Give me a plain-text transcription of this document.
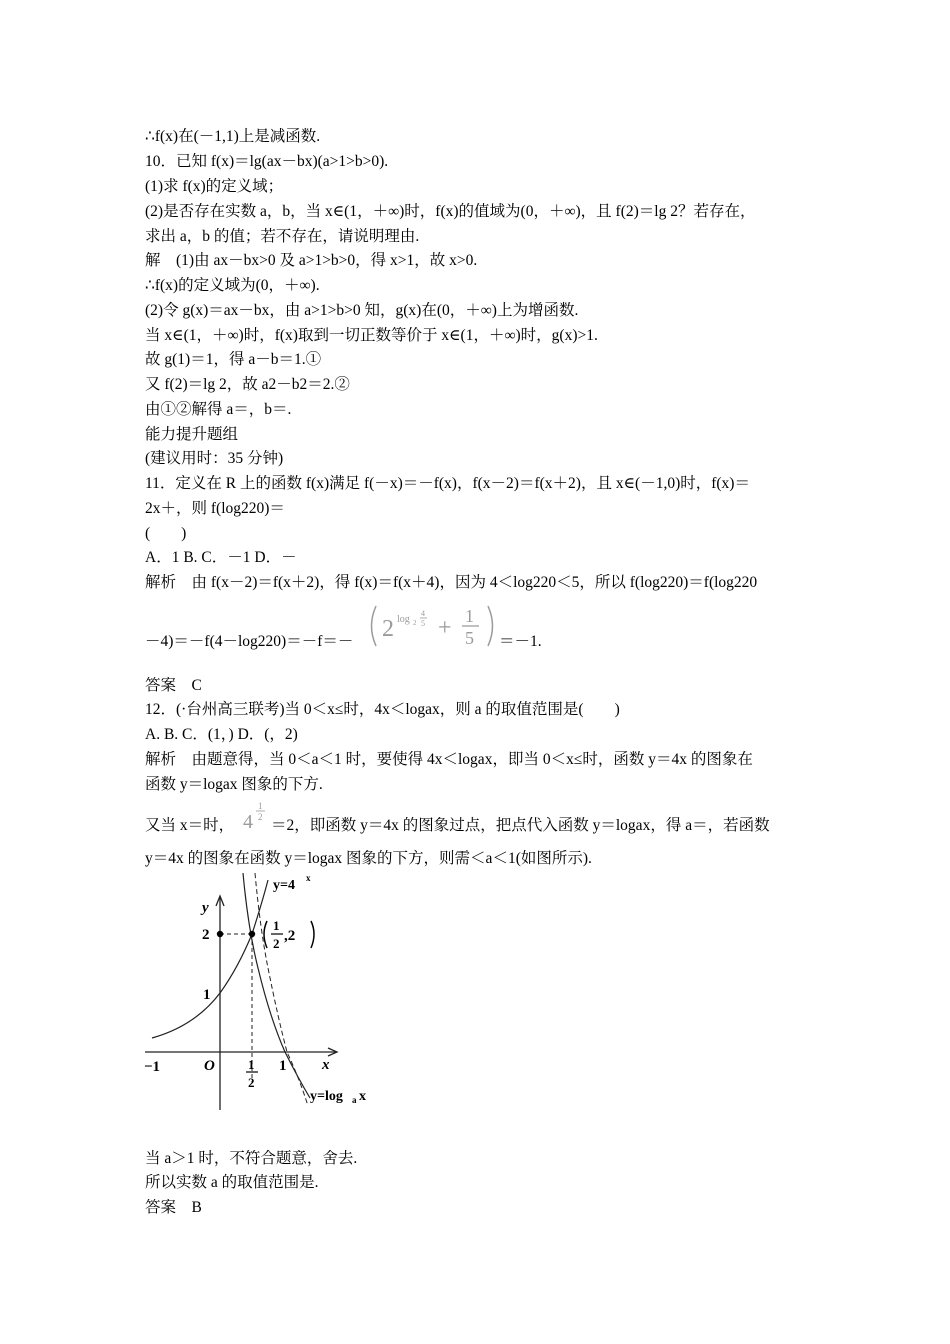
∴f(x)在(－1,1)上是减函数.
10．已知 f(x)＝lg(ax－bx)(a>1>b>0).
(1)求 f(x)的定义域；
(2)是否存在实数 a，b，当 x∈(1，＋∞)时，f(x)的值域为(0，＋∞)，且 f(2)＝lg 2？若存在，
求出 a，b 的值；若不存在，请说明理由.
解　(1)由 ax－bx>0 及 a>1>b>0，得 x>1，故 x>0.
∴f(x)的定义域为(0，＋∞).
(2)令 g(x)＝ax－bx，由 a>1>b>0 知，g(x)在(0，＋∞)上为增函数.
当 x∈(1，＋∞)时，f(x)取到一切正数等价于 x∈(1，＋∞)时，g(x)>1.
故 g(1)＝1，得 a－b＝1.①
又 f(2)＝lg 2，故 a2－b2＝2.②
由①②解得 a＝，b＝.
能力提升题组
(建议用时：35 分钟)
11．定义在 R 上的函数 f(x)满足 f(－x)＝－f(x)，f(x－2)＝f(x＋2)，且 x∈(－1,0)时，f(x)＝
2x＋，则 f(log220)＝
(　　)
A．1 B. C．－1 D．－
解析　由 f(x－2)＝f(x＋2)，得 f(x)＝f(x＋4)，因为 4＜log220＜5，所以 f(log220)＝f(log220
－4)＝－f(4－log220)＝－f＝－ 2 log 2
4
5 + 1
5 ＝－1.
答案　C
12．(·台州高三联考)当 0＜x≤时，4x＜logax，则 a 的取值范围是(　　)
A. B. C．(1，) D．(，2)
解析　由题意得，当 0＜a＜1 时，要使得 4x＜logax，即当 0＜x≤时，函数 y＝4x 的图象在
函数 y＝logax 图象的下方.
又当 x＝时， 4
1
2 ＝2，即函数 y＝4x 的图象过点，把点代入函数 y＝logax，得 a＝，若函数
y＝4x 的图象在函数 y＝logax 图象的下方，则需＜a＜1(如图所示).
y
x
2
1
O
−1	1
1
2
y=4 x
y=log a x
1
2 ,2
当 a＞1 时，不符合题意，舍去.
所以实数 a 的取值范围是.
答案　B
